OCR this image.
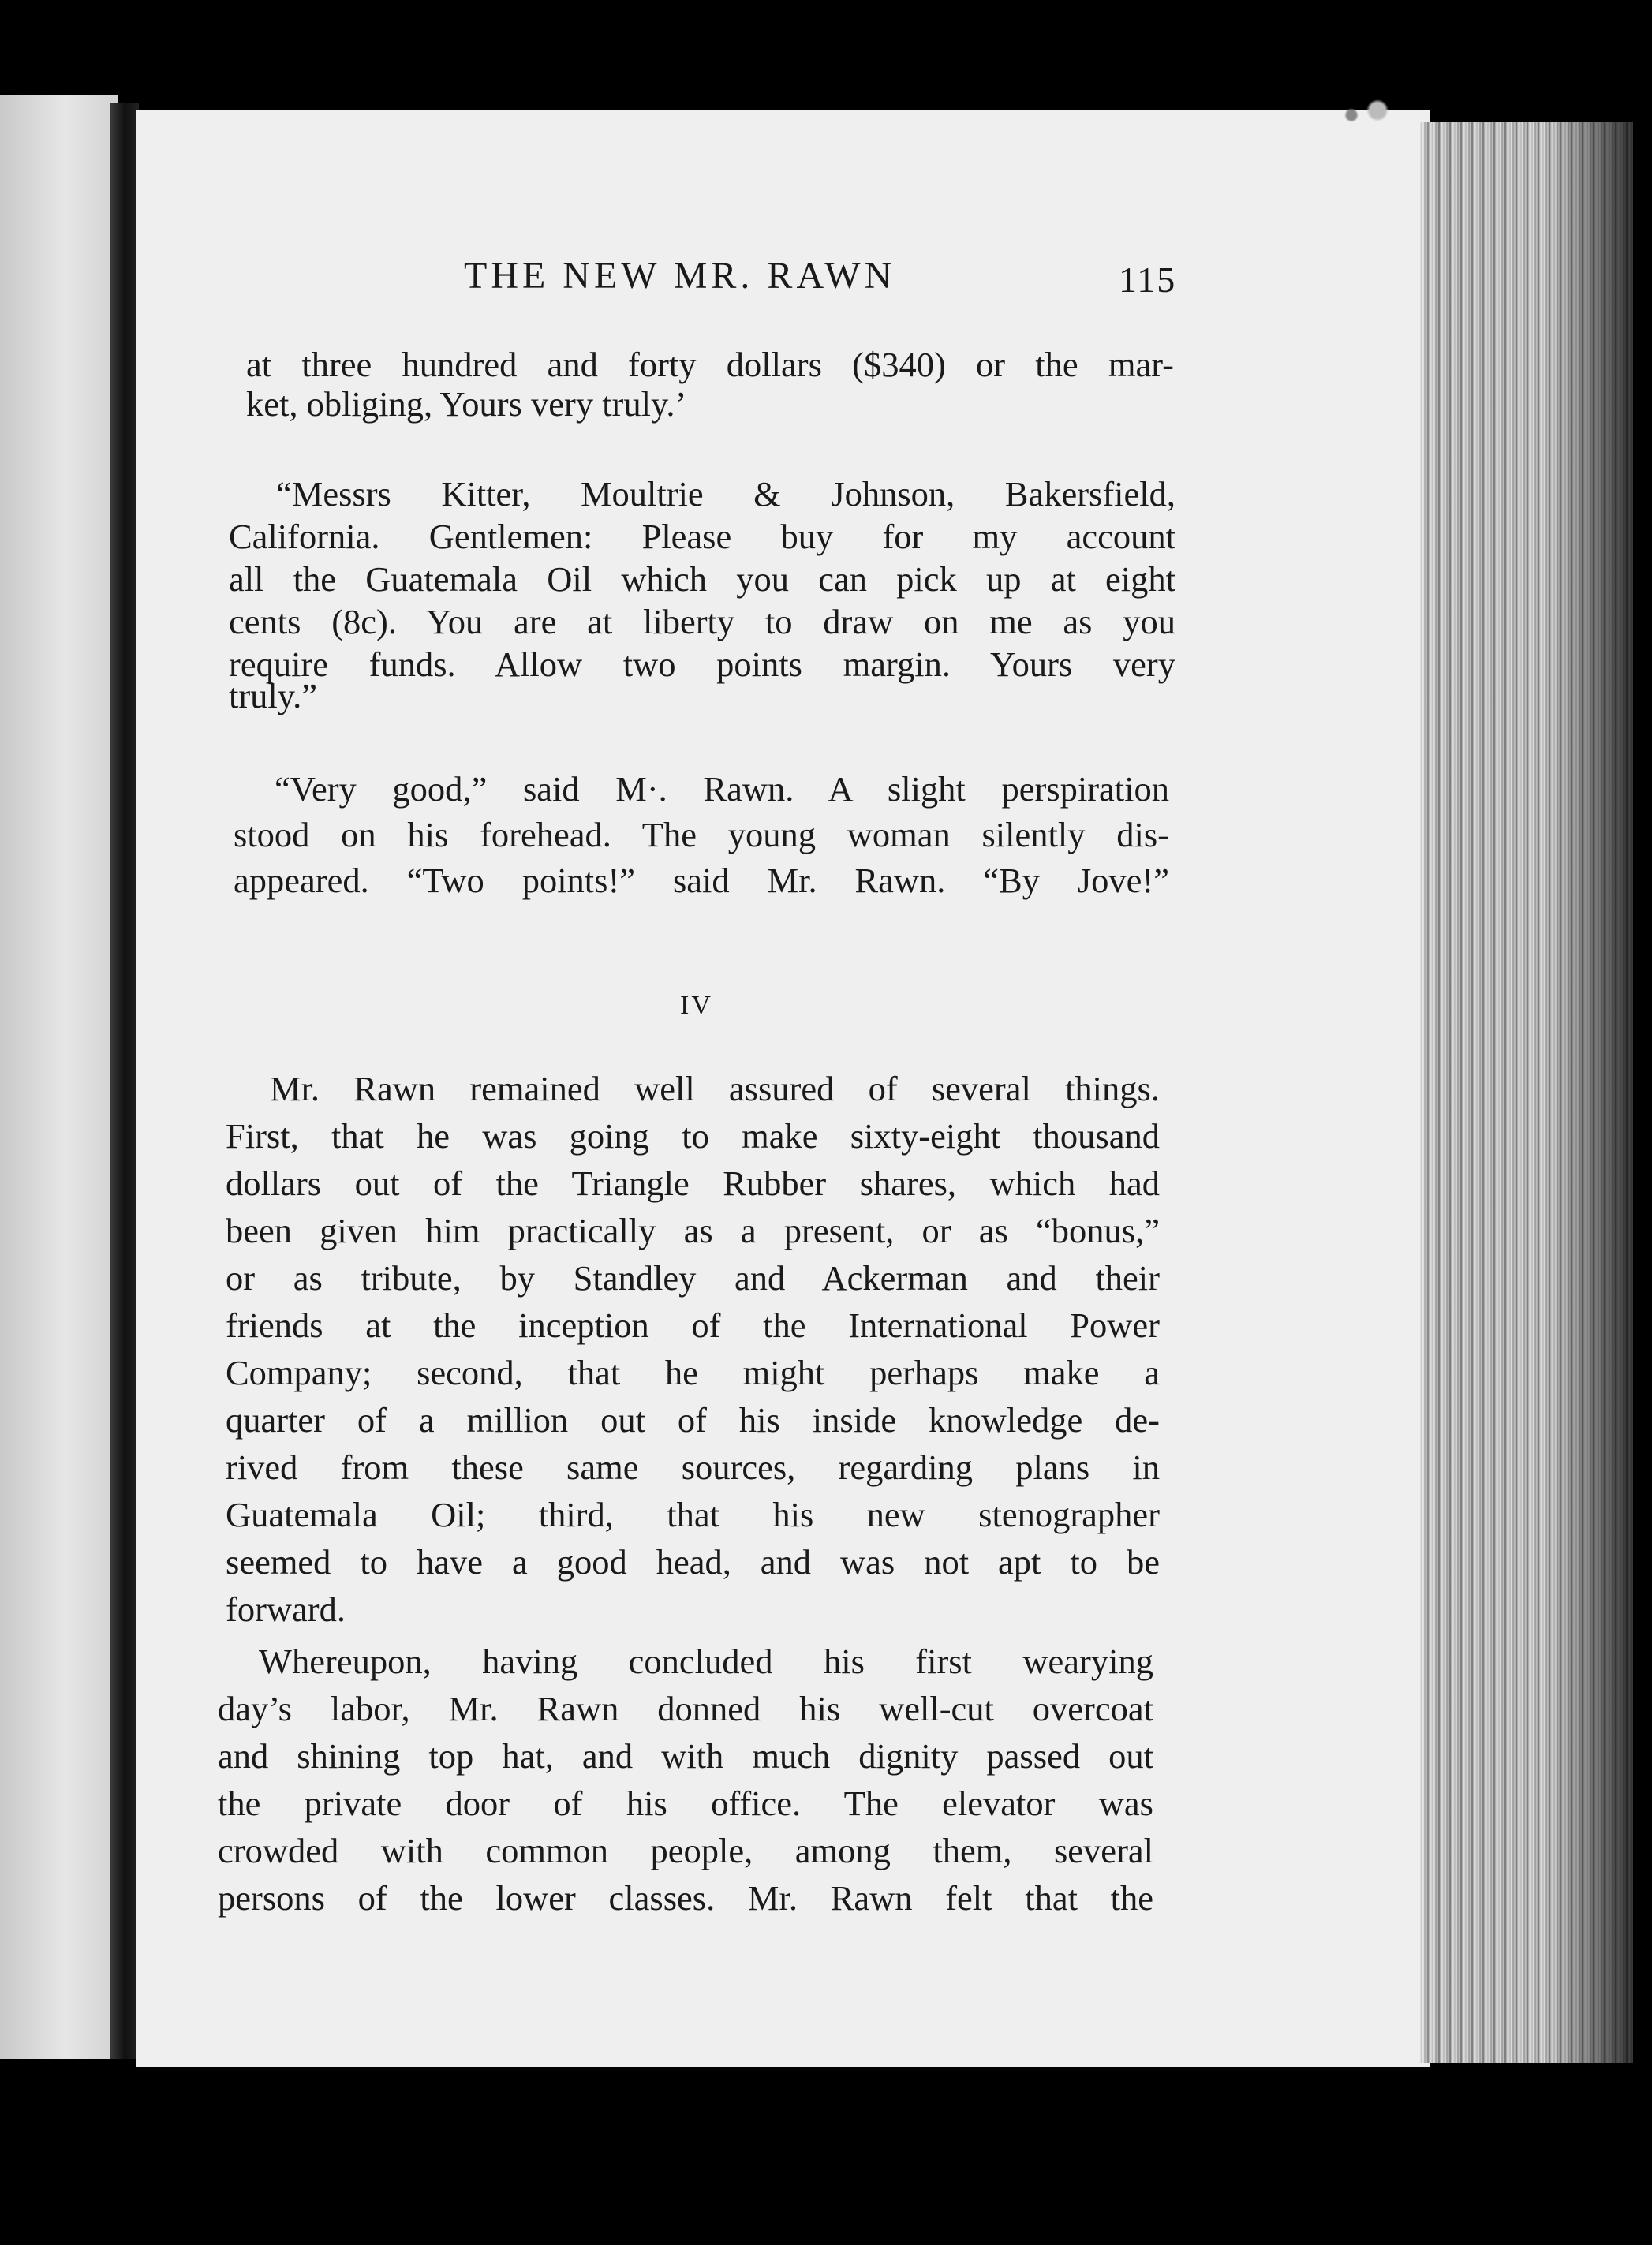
THE NEW MR. RAWN	115
at three hundred and forty dollars ($340) or the mar-
ket, obliging, Yours very truly.’
“Messrs Kitter, Moultrie & Johnson, Bakersfield,
California. Gentlemen: Please buy for my account
all the Guatemala Oil which you can pick up at eight
cents (8c). You are at liberty to draw on me as you
require funds. Allow two points margin. Yours very
truly.”
“Very good,” said M·. Rawn. A slight perspiration
stood on his forehead. The young woman silently dis-
appeared. “Two points!” said Mr. Rawn. “By Jove!”
IV
Mr. Rawn remained well assured of several things.
First, that he was going to make sixty-eight thousand
dollars out of the Triangle Rubber shares, which had
been given him practically as a present, or as “bonus,”
or as tribute, by Standley and Ackerman and their
friends at the inception of the International Power
Company; second, that he might perhaps make a
quarter of a million out of his inside knowledge de-
rived from these same sources, regarding plans in
Guatemala Oil; third, that his new stenographer
seemed to have a good head, and was not apt to be
forward.
Whereupon, having concluded his first wearying
day’s labor, Mr. Rawn donned his well-cut overcoat
and shining top hat, and with much dignity passed out
the private door of his office. The elevator was
crowded with common people, among them, several
persons of the lower classes. Mr. Rawn felt that the
